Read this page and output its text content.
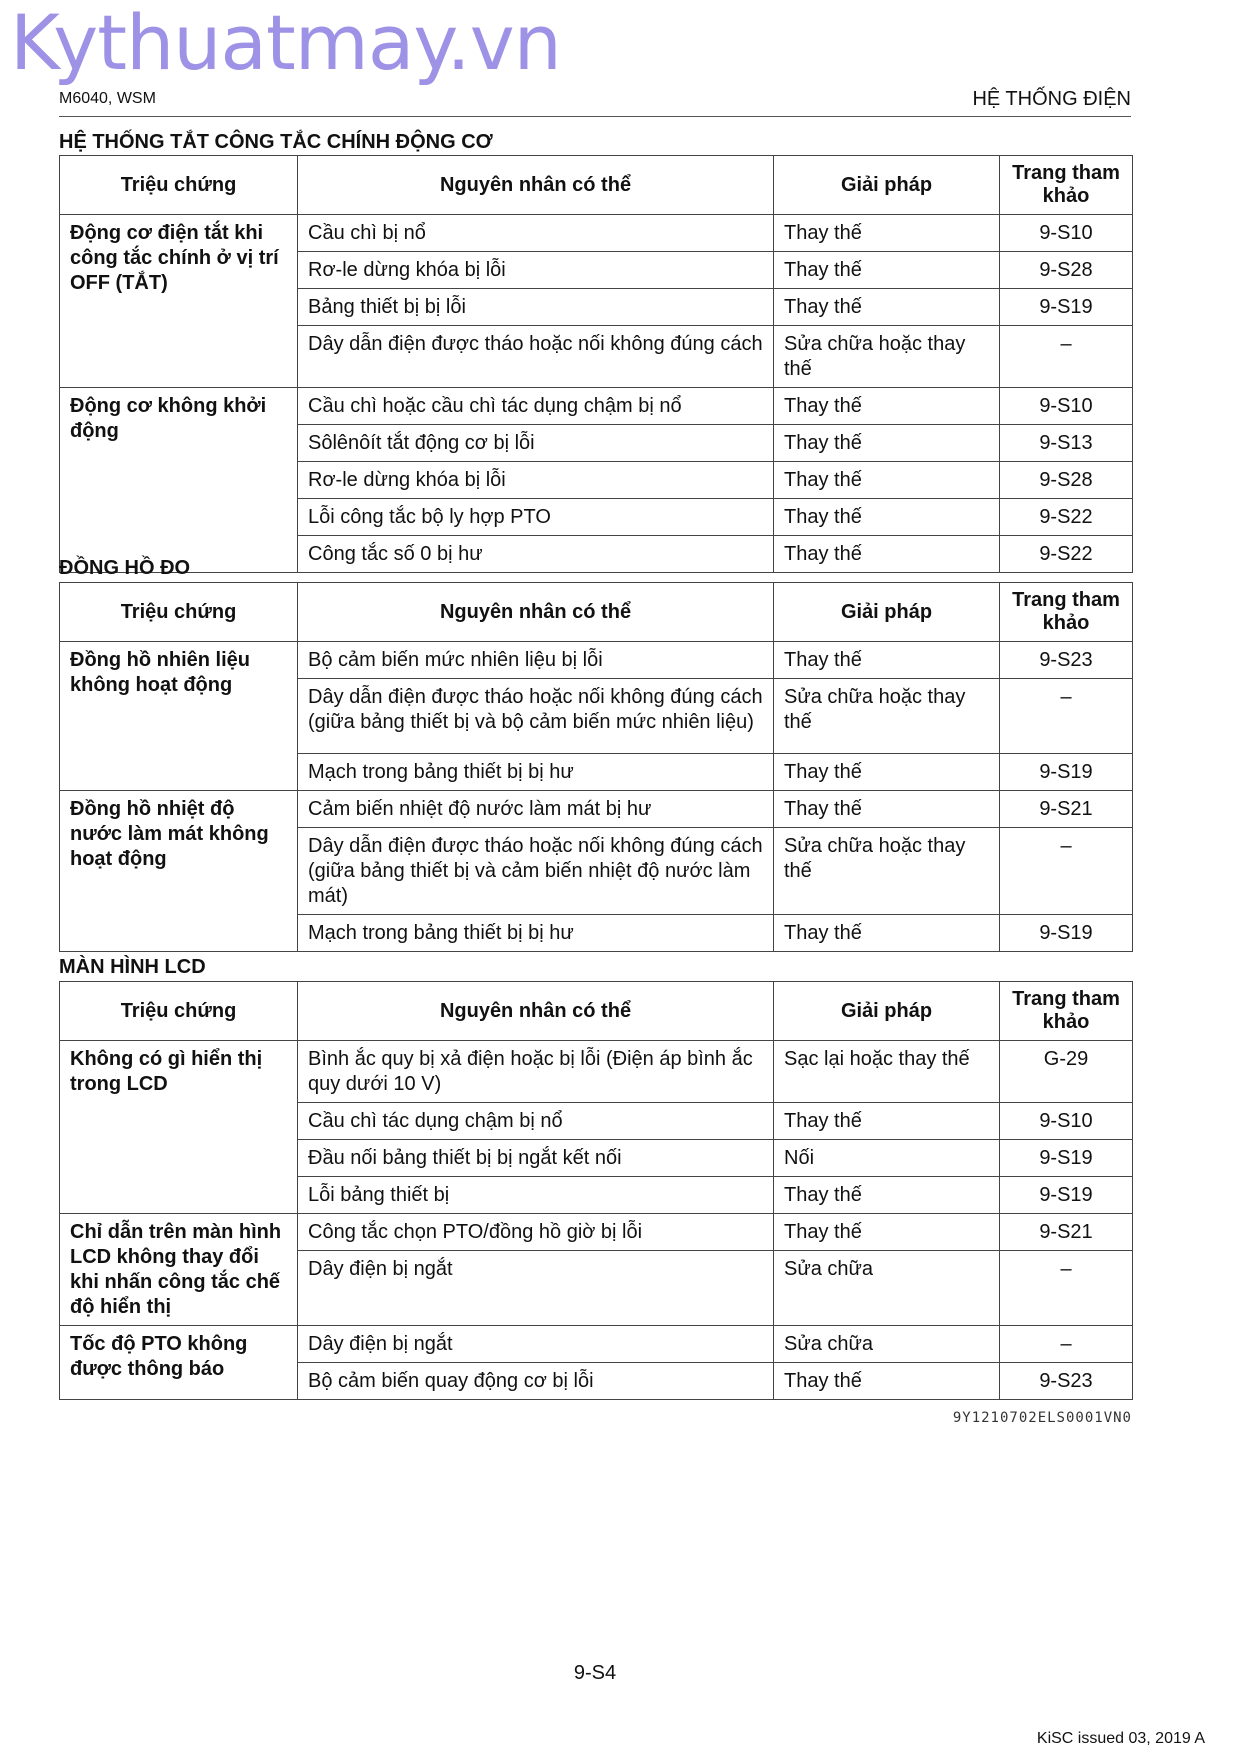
Kythuatmay.vn
M6040, WSM	HỆ THỐNG ĐIỆN
HỆ THỐNG TẮT CÔNG TẮC CHÍNH ĐỘNG CƠ
Triệu chứng	Nguyên nhân có thể	Giải pháp	Trang tham khảo
Động cơ điện tắt khi công tắc chính ở vị trí OFF (TẮT)	Cầu chì bị nổ	Thay thế	9-S10
	Rơ-le dừng khóa bị lỗi	Thay thế	9-S28
	Bảng thiết bị bị lỗi	Thay thế	9-S19
	Dây dẫn điện được tháo hoặc nối không đúng cách	Sửa chữa hoặc thay thế	–
Động cơ không khởi động	Cầu chì hoặc cầu chì tác dụng chậm bị nổ	Thay thế	9-S10
	Sôlênôít tắt động cơ bị lỗi	Thay thế	9-S13
	Rơ-le dừng khóa bị lỗi	Thay thế	9-S28
	Lỗi công tắc bộ ly hợp PTO	Thay thế	9-S22
	Công tắc số 0 bị hư	Thay thế	9-S22
ĐỒNG HỒ ĐO
Triệu chứng	Nguyên nhân có thể	Giải pháp	Trang tham khảo
Đồng hồ nhiên liệu không hoạt động	Bộ cảm biến mức nhiên liệu bị lỗi	Thay thế	9-S23
	Dây dẫn điện được tháo hoặc nối không đúng cách (giữa bảng thiết bị và bộ cảm biến mức nhiên liệu)	Sửa chữa hoặc thay thế	–
	Mạch trong bảng thiết bị bị hư	Thay thế	9-S19
Đồng hồ nhiệt độ nước làm mát không hoạt động	Cảm biến nhiệt độ nước làm mát bị hư	Thay thế	9-S21
	Dây dẫn điện được tháo hoặc nối không đúng cách (giữa bảng thiết bị và cảm biến nhiệt độ nước làm mát)	Sửa chữa hoặc thay thế	–
	Mạch trong bảng thiết bị bị hư	Thay thế	9-S19
MÀN HÌNH LCD
Triệu chứng	Nguyên nhân có thể	Giải pháp	Trang tham khảo
Không có gì hiển thị trong LCD	Bình ắc quy bị xả điện hoặc bị lỗi (Điện áp bình ắc quy dưới 10 V)	Sạc lại hoặc thay thế	G-29
	Cầu chì tác dụng chậm bị nổ	Thay thế	9-S10
	Đầu nối bảng thiết bị bị ngắt kết nối	Nối	9-S19
	Lỗi bảng thiết bị	Thay thế	9-S19
Chỉ dẫn trên màn hình LCD không thay đổi khi nhấn công tắc chế độ hiển thị	Công tắc chọn PTO/đồng hồ giờ bị lỗi	Thay thế	9-S21
	Dây điện bị ngắt	Sửa chữa	–
Tốc độ PTO không được thông báo	Dây điện bị ngắt	Sửa chữa	–
	Bộ cảm biến quay động cơ bị lỗi	Thay thế	9-S23
9Y1210702ELS0001VN0
9-S4
KiSC issued 03, 2019 A
